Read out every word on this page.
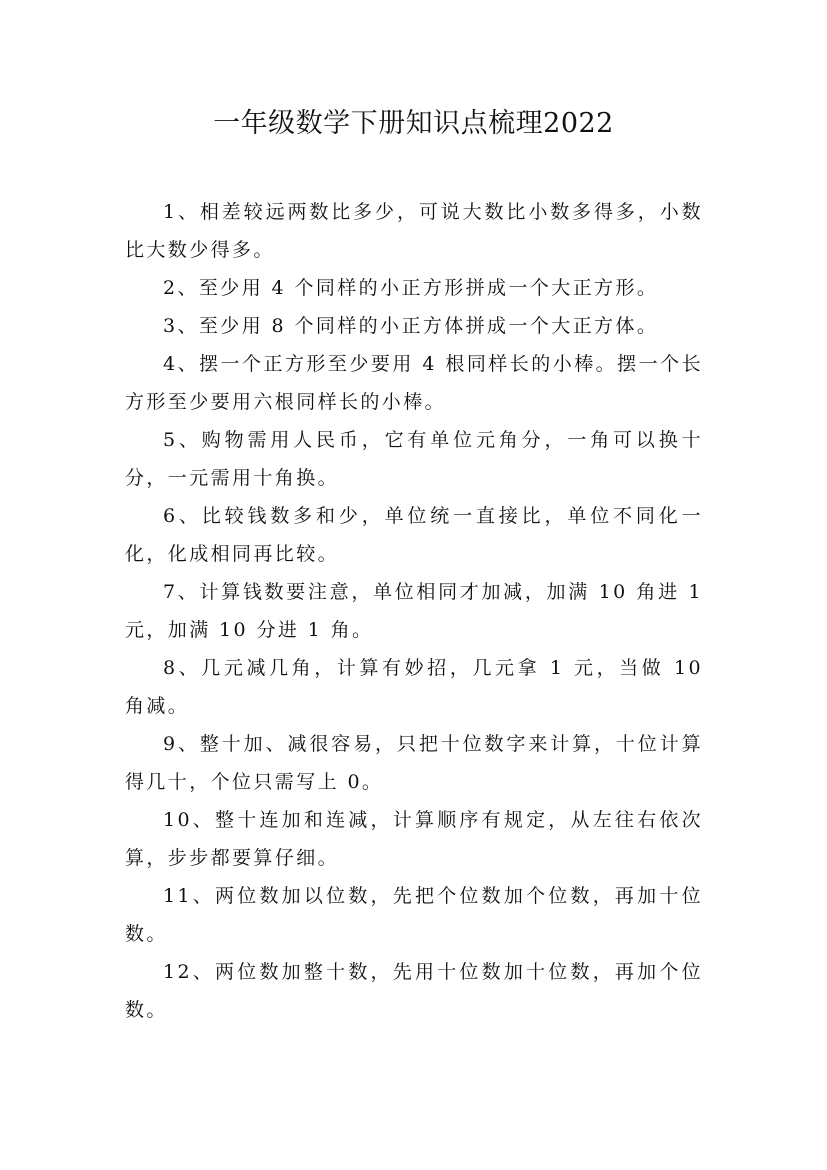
一年级数学下册知识点梳理2022

1、相差较远两数比多少，可说大数比小数多得多，小数比大数少得多。

2、至少用 4 个同样的小正方形拼成一个大正方形。

3、至少用 8 个同样的小正方体拼成一个大正方体。

4、摆一个正方形至少要用 4 根同样长的小棒。摆一个长方形至少要用六根同样长的小棒。

5、购物需用人民币，它有单位元角分，一角可以换十分，一元需用十角换。

6、比较钱数多和少，单位统一直接比，单位不同化一化，化成相同再比较。

7、计算钱数要注意，单位相同才加减，加满 10 角进 1 元，加满 10 分进 1 角。

8、几元减几角，计算有妙招，几元拿 1 元，当做 10 角减。

9、整十加、减很容易，只把十位数字来计算，十位计算得几十，个位只需写上 0。

10、整十连加和连减，计算顺序有规定，从左往右依次算，步步都要算仔细。

11、两位数加以位数，先把个位数加个位数，再加十位数。

12、两位数加整十数，先用十位数加十位数，再加个位数。
